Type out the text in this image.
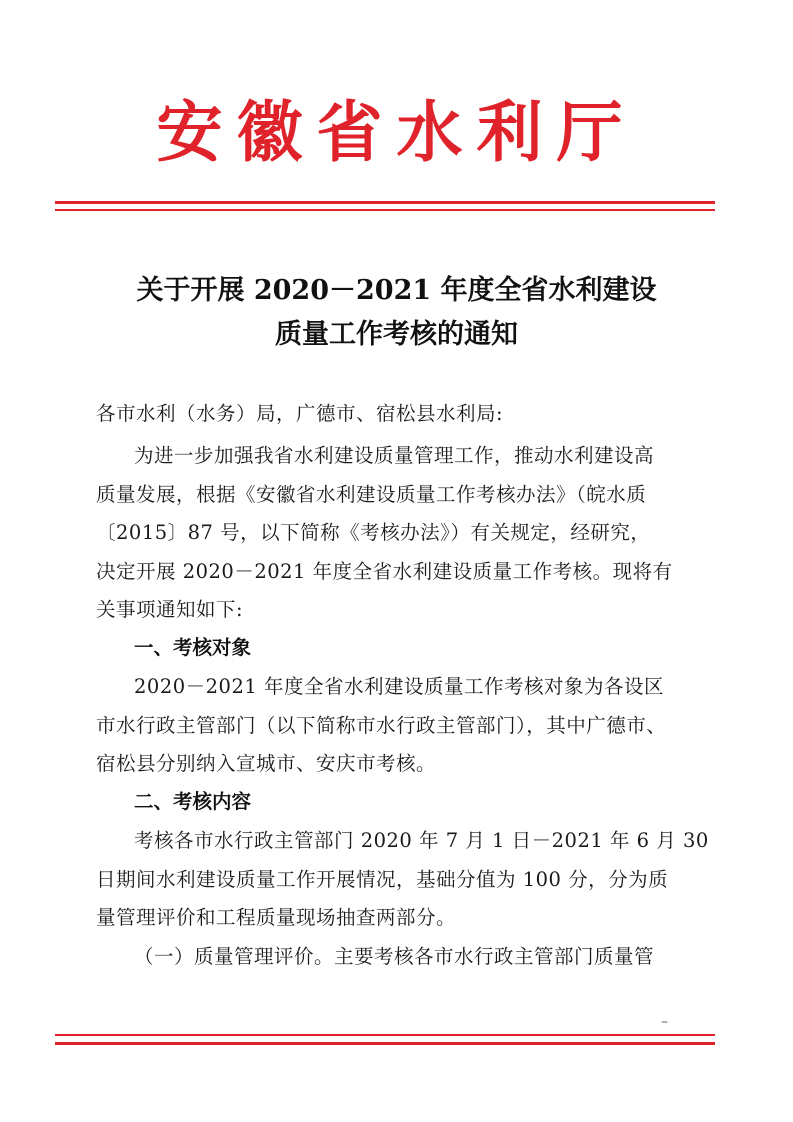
安徽省水利厅
关于开展 2020－2021 年度全省水利建设
质量工作考核的通知
各市水利（水务）局，广德市、宿松县水利局:
为进一步加强我省水利建设质量管理工作，推动水利建设高
质量发展，根据《安徽省水利建设质量工作考核办法》（皖水质
〔2015〕87 号，以下简称《考核办法》）有关规定，经研究，
决定开展 2020－2021 年度全省水利建设质量工作考核。现将有
关事项通知如下:
一、考核对象
2020－2021 年度全省水利建设质量工作考核对象为各设区
市水行政主管部门（以下简称市水行政主管部门），其中广德市、
宿松县分别纳入宣城市、安庆市考核。
二、考核内容
考核各市水行政主管部门 2020 年 7 月 1 日－2021 年 6 月 30
日期间水利建设质量工作开展情况，基础分值为 100 分，分为质
量管理评价和工程质量现场抽查两部分。
（一）质量管理评价。主要考核各市水行政主管部门质量管
–
